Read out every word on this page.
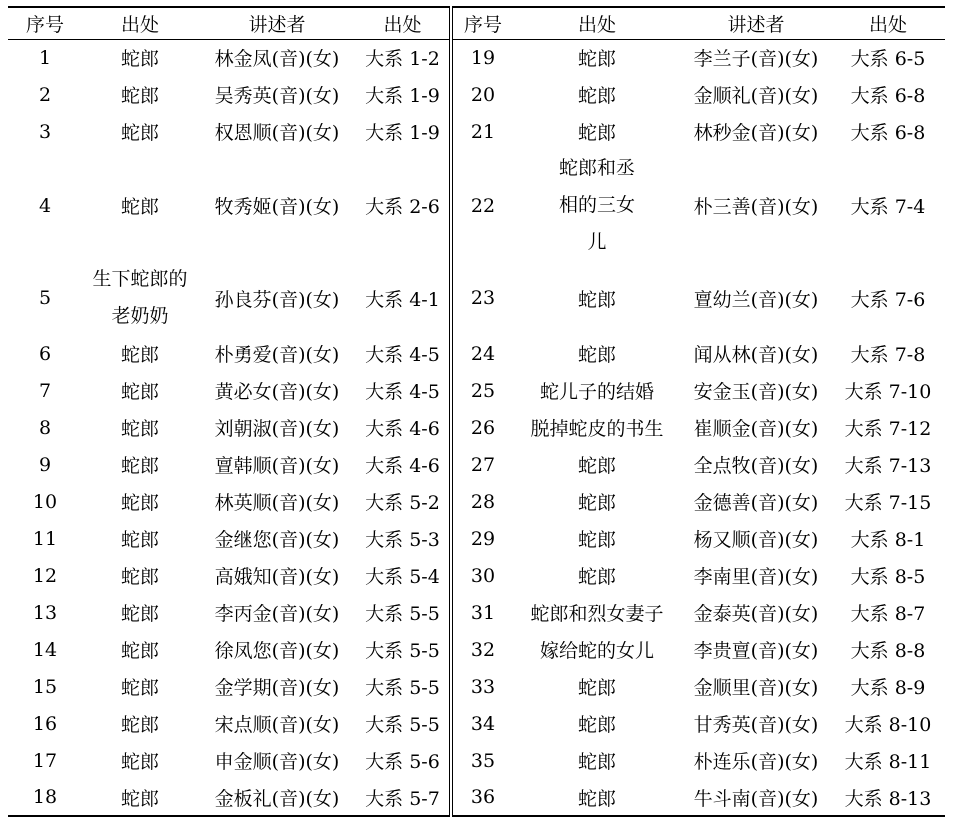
序号	出处	讲述者	出处	序号	出处	讲述者	出处
1	蛇郎	林金凤(音)(女)	大系 1-2	19	蛇郎	李兰子(音)(女)	大系 6-5
2	蛇郎	吴秀英(音)(女)	大系 1-9	20	蛇郎	金顺礼(音)(女)	大系 6-8
3	蛇郎	权恩顺(音)(女)	大系 1-9	21	蛇郎	林秒金(音)(女)	大系 6-8
4	蛇郎	牧秀姬(音)(女)	大系 2-6	22	蛇郎和丞相的三女儿	朴三善(音)(女)	大系 7-4
5	生下蛇郎的老奶奶	孙良芬(音)(女)	大系 4-1	23	蛇郎	亶幼兰(音)(女)	大系 7-6
6	蛇郎	朴勇爱(音)(女)	大系 4-5	24	蛇郎	闻从林(音)(女)	大系 7-8
7	蛇郎	黄必女(音)(女)	大系 4-5	25	蛇儿子的结婚	安金玉(音)(女)	大系 7-10
8	蛇郎	刘朝淑(音)(女)	大系 4-6	26	脱掉蛇皮的书生	崔顺金(音)(女)	大系 7-12
9	蛇郎	亶韩顺(音)(女)	大系 4-6	27	蛇郎	全点牧(音)(女)	大系 7-13
10	蛇郎	林英顺(音)(女)	大系 5-2	28	蛇郎	金德善(音)(女)	大系 7-15
11	蛇郎	金继您(音)(女)	大系 5-3	29	蛇郎	杨又顺(音)(女)	大系 8-1
12	蛇郎	高娥知(音)(女)	大系 5-4	30	蛇郎	李南里(音)(女)	大系 8-5
13	蛇郎	李丙金(音)(女)	大系 5-5	31	蛇郎和烈女妻子	金泰英(音)(女)	大系 8-7
14	蛇郎	徐凤您(音)(女)	大系 5-5	32	嫁给蛇的女儿	李贵亶(音)(女)	大系 8-8
15	蛇郎	金学期(音)(女)	大系 5-5	33	蛇郎	金顺里(音)(女)	大系 8-9
16	蛇郎	宋点顺(音)(女)	大系 5-5	34	蛇郎	甘秀英(音)(女)	大系 8-10
17	蛇郎	申金顺(音)(女)	大系 5-6	35	蛇郎	朴连乐(音)(女)	大系 8-11
18	蛇郎	金板礼(音)(女)	大系 5-7	36	蛇郎	牛斗南(音)(女)	大系 8-13
